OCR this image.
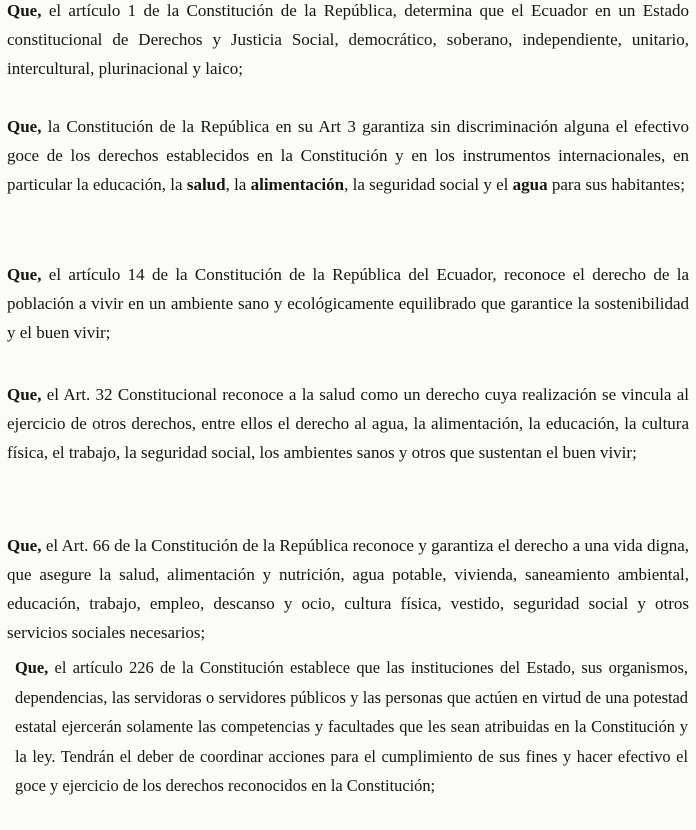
Que, el artículo 1 de la Constitución de la República, determina que el Ecuador en un Estado constitucional de Derechos y Justicia Social, democrático, soberano, independiente, unitario, intercultural, plurinacional y laico;

Que, la Constitución de la República en su Art 3 garantiza sin discriminación alguna el efectivo goce de los derechos establecidos en la Constitución y en los instrumentos internacionales, en particular la educación, la salud, la alimentación, la seguridad social y el agua para sus habitantes;

Que, el artículo 14 de la Constitución de la República del Ecuador, reconoce el derecho de la población a vivir en un ambiente sano y ecológicamente equilibrado que garantice la sostenibilidad y el buen vivir;

Que, el Art. 32 Constitucional reconoce a la salud como un derecho cuya realización se vincula al ejercicio de otros derechos, entre ellos el derecho al agua, la alimentación, la educación, la cultura física, el trabajo, la seguridad social, los ambientes sanos y otros que sustentan el buen vivir;

Que, el Art. 66 de la Constitución de la República reconoce y garantiza el derecho a una vida digna, que asegure la salud, alimentación y nutrición, agua potable, vivienda, saneamiento ambiental, educación, trabajo, empleo, descanso y ocio, cultura física, vestido, seguridad social y otros servicios sociales necesarios;

Que, el artículo 226 de la Constitución establece que las instituciones del Estado, sus organismos, dependencias, las servidoras o servidores públicos y las personas que actúen en virtud de una potestad estatal ejercerán solamente las competencias y facultades que les sean atribuidas en la Constitución y la ley. Tendrán el deber de coordinar acciones para el cumplimiento de sus fines y hacer efectivo el goce y ejercicio de los derechos reconocidos en la Constitución;
